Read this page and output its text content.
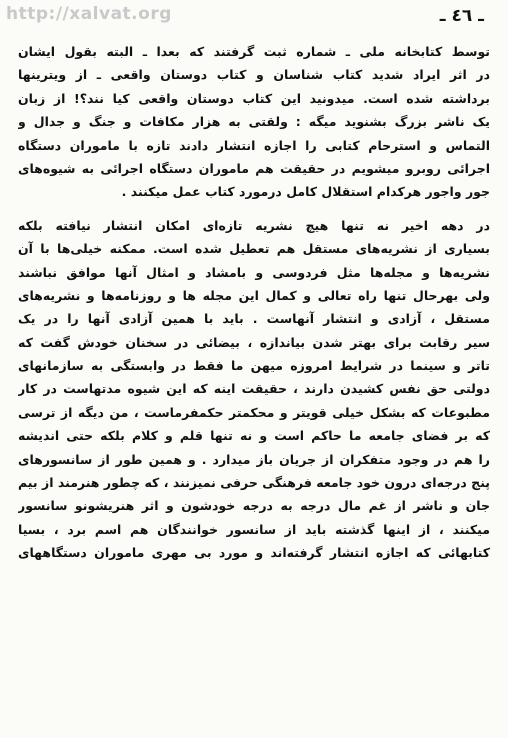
http://xalvat.org	ـ ٤٦ ـ
توسط کتابخانه ملی ـ شماره ثبت گرفتند که بعدا ـ البته بقول ایشان
در اثر ایراد شدید کتاب شناسان و کتاب دوستان واقعی ـ از ویترینها
برداشته شده است. میدونید این کتاب دوستان واقعی کیا نند؟! از زبان
یک ناشر بزرگ بشنوید میگه : ولقتی به هزار مکافات و جنگ و جدال و
التماس و استرحام کتابی را اجازه انتشار دادند تازه با ماموران دستگاه
اجرائی روبرو میشویم در حقیقت هم ماموران دستگاه اجرائی به شیوه‌های
جور واجور هرکدام استقلال کامل درمورد کتاب عمل میکنند .
در دهه اخیر نه تنها هیچ نشریه تازه‌ای امکان انتشار نیافته بلکه
بسیاری از نشریه‌های مستقل هم تعطیل شده است. ممکنه خیلی‌ها با آن
نشریه‌ها و مجله‌ها مثل فردوسی و بامشاد و امثال آنها موافق نباشند
ولی بهرحال تنها راه تعالی و کمال این مجله ها و روزنامه‌ها و نشریه‌های
مستقل ، آزادی و انتشار آنهاست . باید با همین آزادی آنها را در یک
سیر رقابت برای بهتر شدن بیاندازه ، بیضائی در سخنان خودش گفت که
تاتر و سینما در شرایط امروزه میهن ما فقط در وابستگی به سازمانهای
دولتی حق نفس کشیدن دارند ، حقیقت اینه که این شیوه مدتهاست در کار
مطبوعات که بشکل خیلی قویتر و محکمتر حکمفرماست ، من دیگه از ترسی
که بر فضای جامعه ما حاکم است و نه تنها قلم و کلام بلکه حتی اندیشه
را هم در وجود متفکران از جریان باز میدارد . و همین طور از سانسورهای
پنج درجه‌ای درون خود جامعه فرهنگی حرفی نمیزنند ، که چطور هنرمند از بیم
جان و ناشر از غم مال درجه به درجه خودشون و اثر هنریشونو سانسور
میکنند ، از اینها گذشته باید از سانسور خوانندگان هم اسم برد ، بسیا
کتابهائی که اجازه انتشار گرفته‌اند و مورد بی مهری ماموران دستگاههای
